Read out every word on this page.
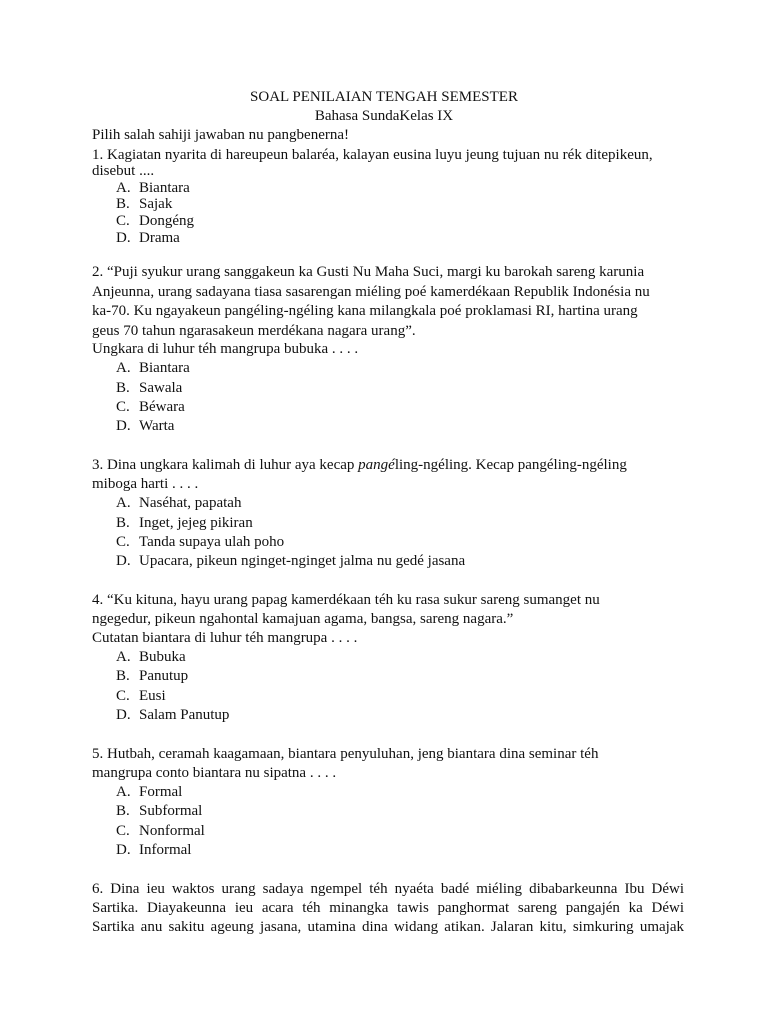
SOAL PENILAIAN TENGAH SEMESTER
Bahasa SundaKelas IX
Pilih salah sahiji jawaban nu pangbenerna!
1. Kagiatan nyarita di hareupeun balaréa, kalayan eusina luyu jeung tujuan nu rék ditepikeun,
disebut ....
A. Biantara
B. Sajak
C. Dongéng
D. Drama
2. “Puji syukur urang sanggakeun ka Gusti Nu Maha Suci, margi ku barokah sareng karunia
Anjeunna, urang sadayana tiasa sasarengan miéling poé kamerdékaan Republik Indonésia nu
ka-70. Ku ngayakeun pangéling-ngéling kana milangkala poé proklamasi RI, hartina urang
geus 70 tahun ngarasakeun merdékana nagara urang”.
Ungkara di luhur téh mangrupa bubuka . . . .
A. Biantara
B. Sawala
C. Béwara
D. Warta
3. Dina ungkara kalimah di luhur aya kecap pangéling-ngéling. Kecap pangéling-ngéling
miboga harti . . . .
A. Naséhat, papatah
B. Inget, jejeg pikiran
C. Tanda supaya ulah poho
D. Upacara, pikeun nginget-nginget jalma nu gedé jasana
4. “Ku kituna, hayu urang papag kamerdékaan téh ku rasa sukur sareng sumanget nu
ngegedur, pikeun ngahontal kamajuan agama, bangsa, sareng nagara.”
Cutatan biantara di luhur téh mangrupa . . . .
A. Bubuka
B. Panutup
C. Eusi
D. Salam Panutup
5. Hutbah, ceramah kaagamaan, biantara penyuluhan, jeng biantara dina seminar téh
mangrupa conto biantara nu sipatna . . . .
A. Formal
B. Subformal
C. Nonformal
D. Informal
6. Dina ieu waktos urang sadaya ngempel téh nyaéta badé miéling dibabarkeunna Ibu Déwi
Sartika. Diayakeunna ieu acara téh minangka tawis panghormat sareng pangajén ka Déwi
Sartika anu sakitu ageung jasana, utamina dina widang atikan. Jalaran kitu, simkuring umajak
